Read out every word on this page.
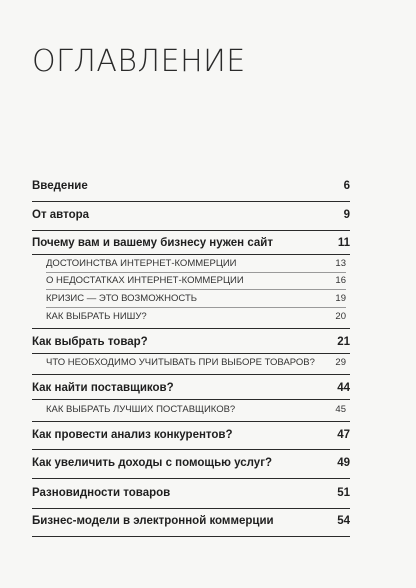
ОГЛАВЛЕНИЕ
Введение	6
От автора	9
Почему вам и вашему бизнесу нужен сайт	11
ДОСТОИНСТВА ИНТЕРНЕТ-КОММЕРЦИИ	13
О НЕДОСТАТКАХ ИНТЕРНЕТ-КОММЕРЦИИ	16
КРИЗИС — ЭТО ВОЗМОЖНОСТЬ	19
КАК ВЫБРАТЬ НИШУ?	20
Как выбрать товар?	21
ЧТО НЕОБХОДИМО УЧИТЫВАТЬ ПРИ ВЫБОРЕ ТОВАРОВ? 29
Как найти поставщиков?	44
КАК ВЫБРАТЬ ЛУЧШИХ ПОСТАВЩИКОВ?	45
Как провести анализ конкурентов?	47
Как увеличить доходы с помощью услуг?	49
Разновидности товаров	51
Бизнес-модели в электронной коммерции	54
